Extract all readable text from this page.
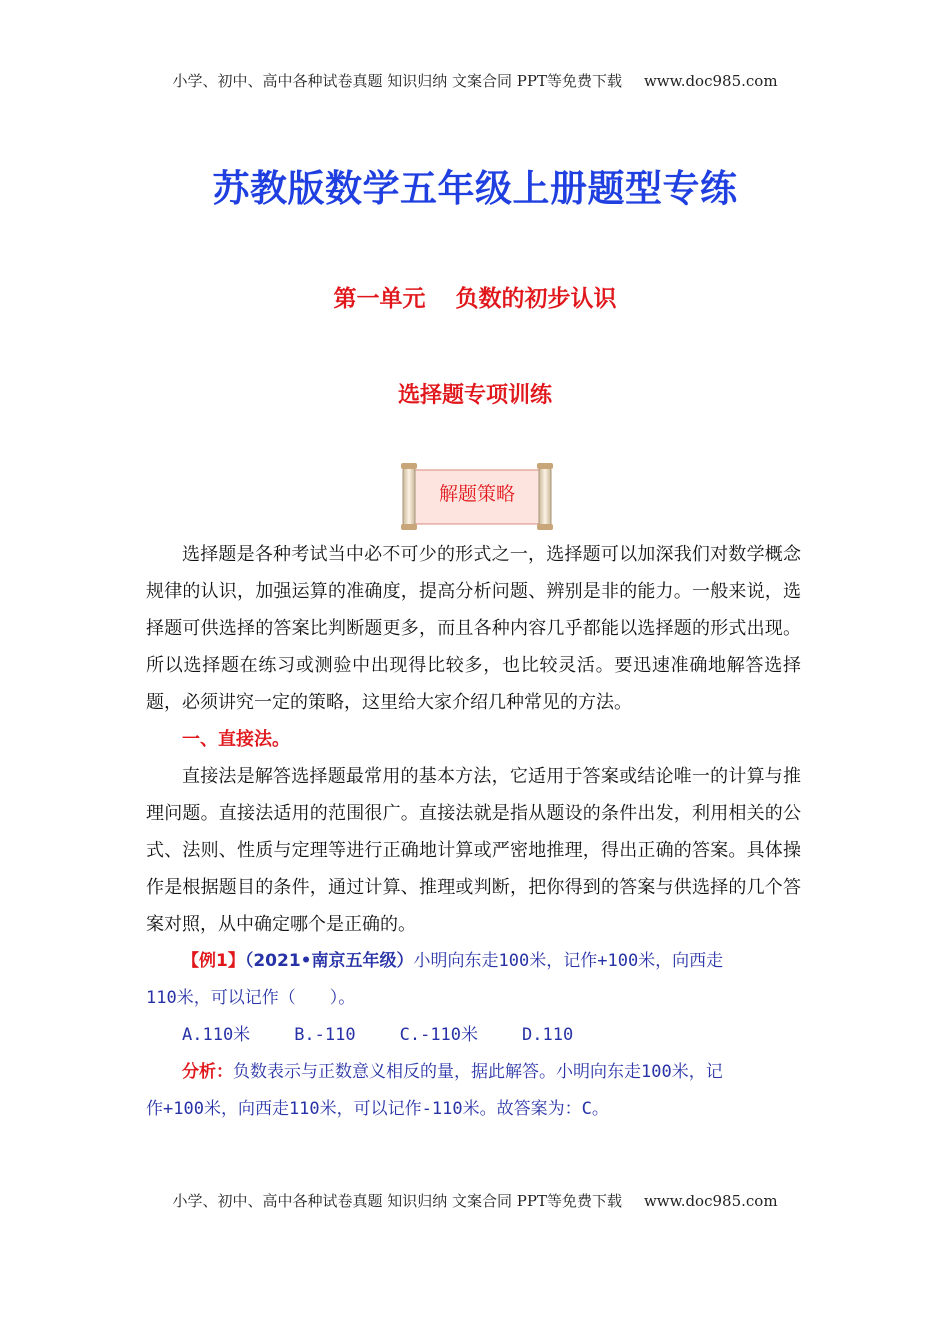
小学、初中、高中各种试卷真题 知识归纳 文案合同 PPT等免费下载 www.doc985.com
苏教版数学五年级上册题型专练
第一单元 负数的初步认识
选择题专项训练
解题策略

选择题是各种考试当中必不可少的形式之一，选择题可以加深我们对数学概念规律的认识，加强运算的准确度，提高分析问题、辨别是非的能力。一般来说，选择题可供选择的答案比判断题更多，而且各种内容几乎都能以选择题的形式出现。所以选择题在练习或测验中出现得比较多，也比较灵活。要迅速准确地解答选择题，必须讲究一定的策略，这里给大家介绍几种常见的方法。

一、直接法。

直接法是解答选择题最常用的基本方法，它适用于答案或结论唯一的计算与推理问题。直接法适用的范围很广。直接法就是指从题设的条件出发，利用相关的公式、法则、性质与定理等进行正确地计算或严密地推理，得出正确的答案。具体操作是根据题目的条件，通过计算、推理或判断，把你得到的答案与供选择的几个答案对照，从中确定哪个是正确的。

【例1】（2021•南京五年级）小明向东走100米，记作+100米，向西走

110米，可以记作（　　）。

A.110米	B.-110	C.-110米	D.110

分析：负数表示与正数意义相反的量，据此解答。小明向东走100米，记

作+100米，向西走110米，可以记作-110米。故答案为：C。

小学、初中、高中各种试卷真题 知识归纳 文案合同 PPT等免费下载 www.doc985.com
